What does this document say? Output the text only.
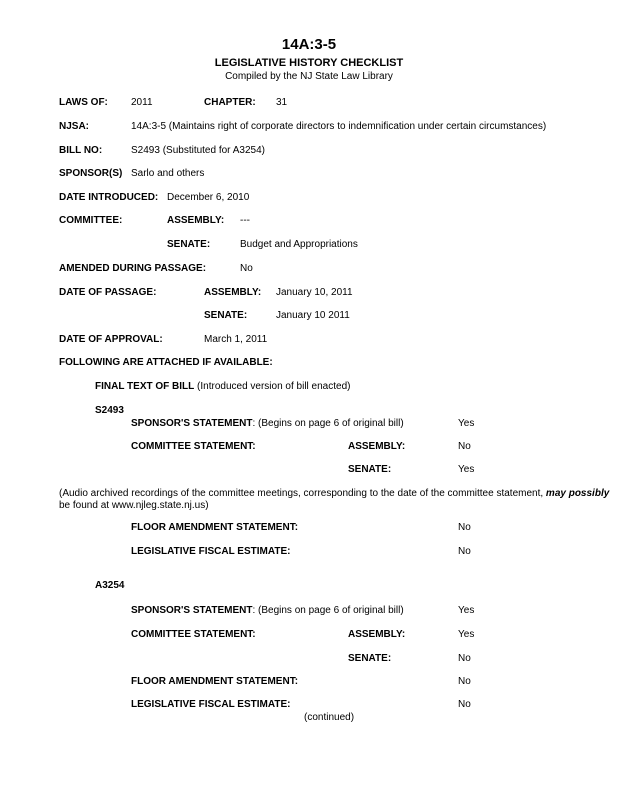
14A:3-5
LEGISLATIVE HISTORY CHECKLIST
Compiled by the NJ State Law Library
LAWS OF: 2011	CHAPTER: 31
NJSA:	14A:3-5 (Maintains right of corporate directors to indemnification under certain circumstances)
BILL NO:	S2493 (Substituted for A3254)
SPONSOR(S) Sarlo and others
DATE INTRODUCED: December 6, 2010
COMMITTEE:	ASSEMBLY: ---
SENATE:	Budget and Appropriations
AMENDED DURING PASSAGE:	No
DATE OF PASSAGE:	ASSEMBLY: January 10, 2011
SENATE:	January 10 2011
DATE OF APPROVAL:	March 1, 2011
FOLLOWING ARE ATTACHED IF AVAILABLE:
FINAL TEXT OF BILL (Introduced version of bill enacted)
S2493
SPONSOR'S STATEMENT: (Begins on page 6 of original bill)	Yes
COMMITTEE STATEMENT:	ASSEMBLY:	No
SENATE:	Yes
(Audio archived recordings of the committee meetings, corresponding to the date of the committee statement, may possibly
be found at www.njleg.state.nj.us)
FLOOR AMENDMENT STATEMENT:	No
LEGISLATIVE FISCAL ESTIMATE:	No
A3254
SPONSOR'S STATEMENT: (Begins on page 6 of original bill)	Yes
COMMITTEE STATEMENT:	ASSEMBLY:	Yes
SENATE:	No
FLOOR AMENDMENT STATEMENT:	No
LEGISLATIVE FISCAL ESTIMATE:	No
(continued)
